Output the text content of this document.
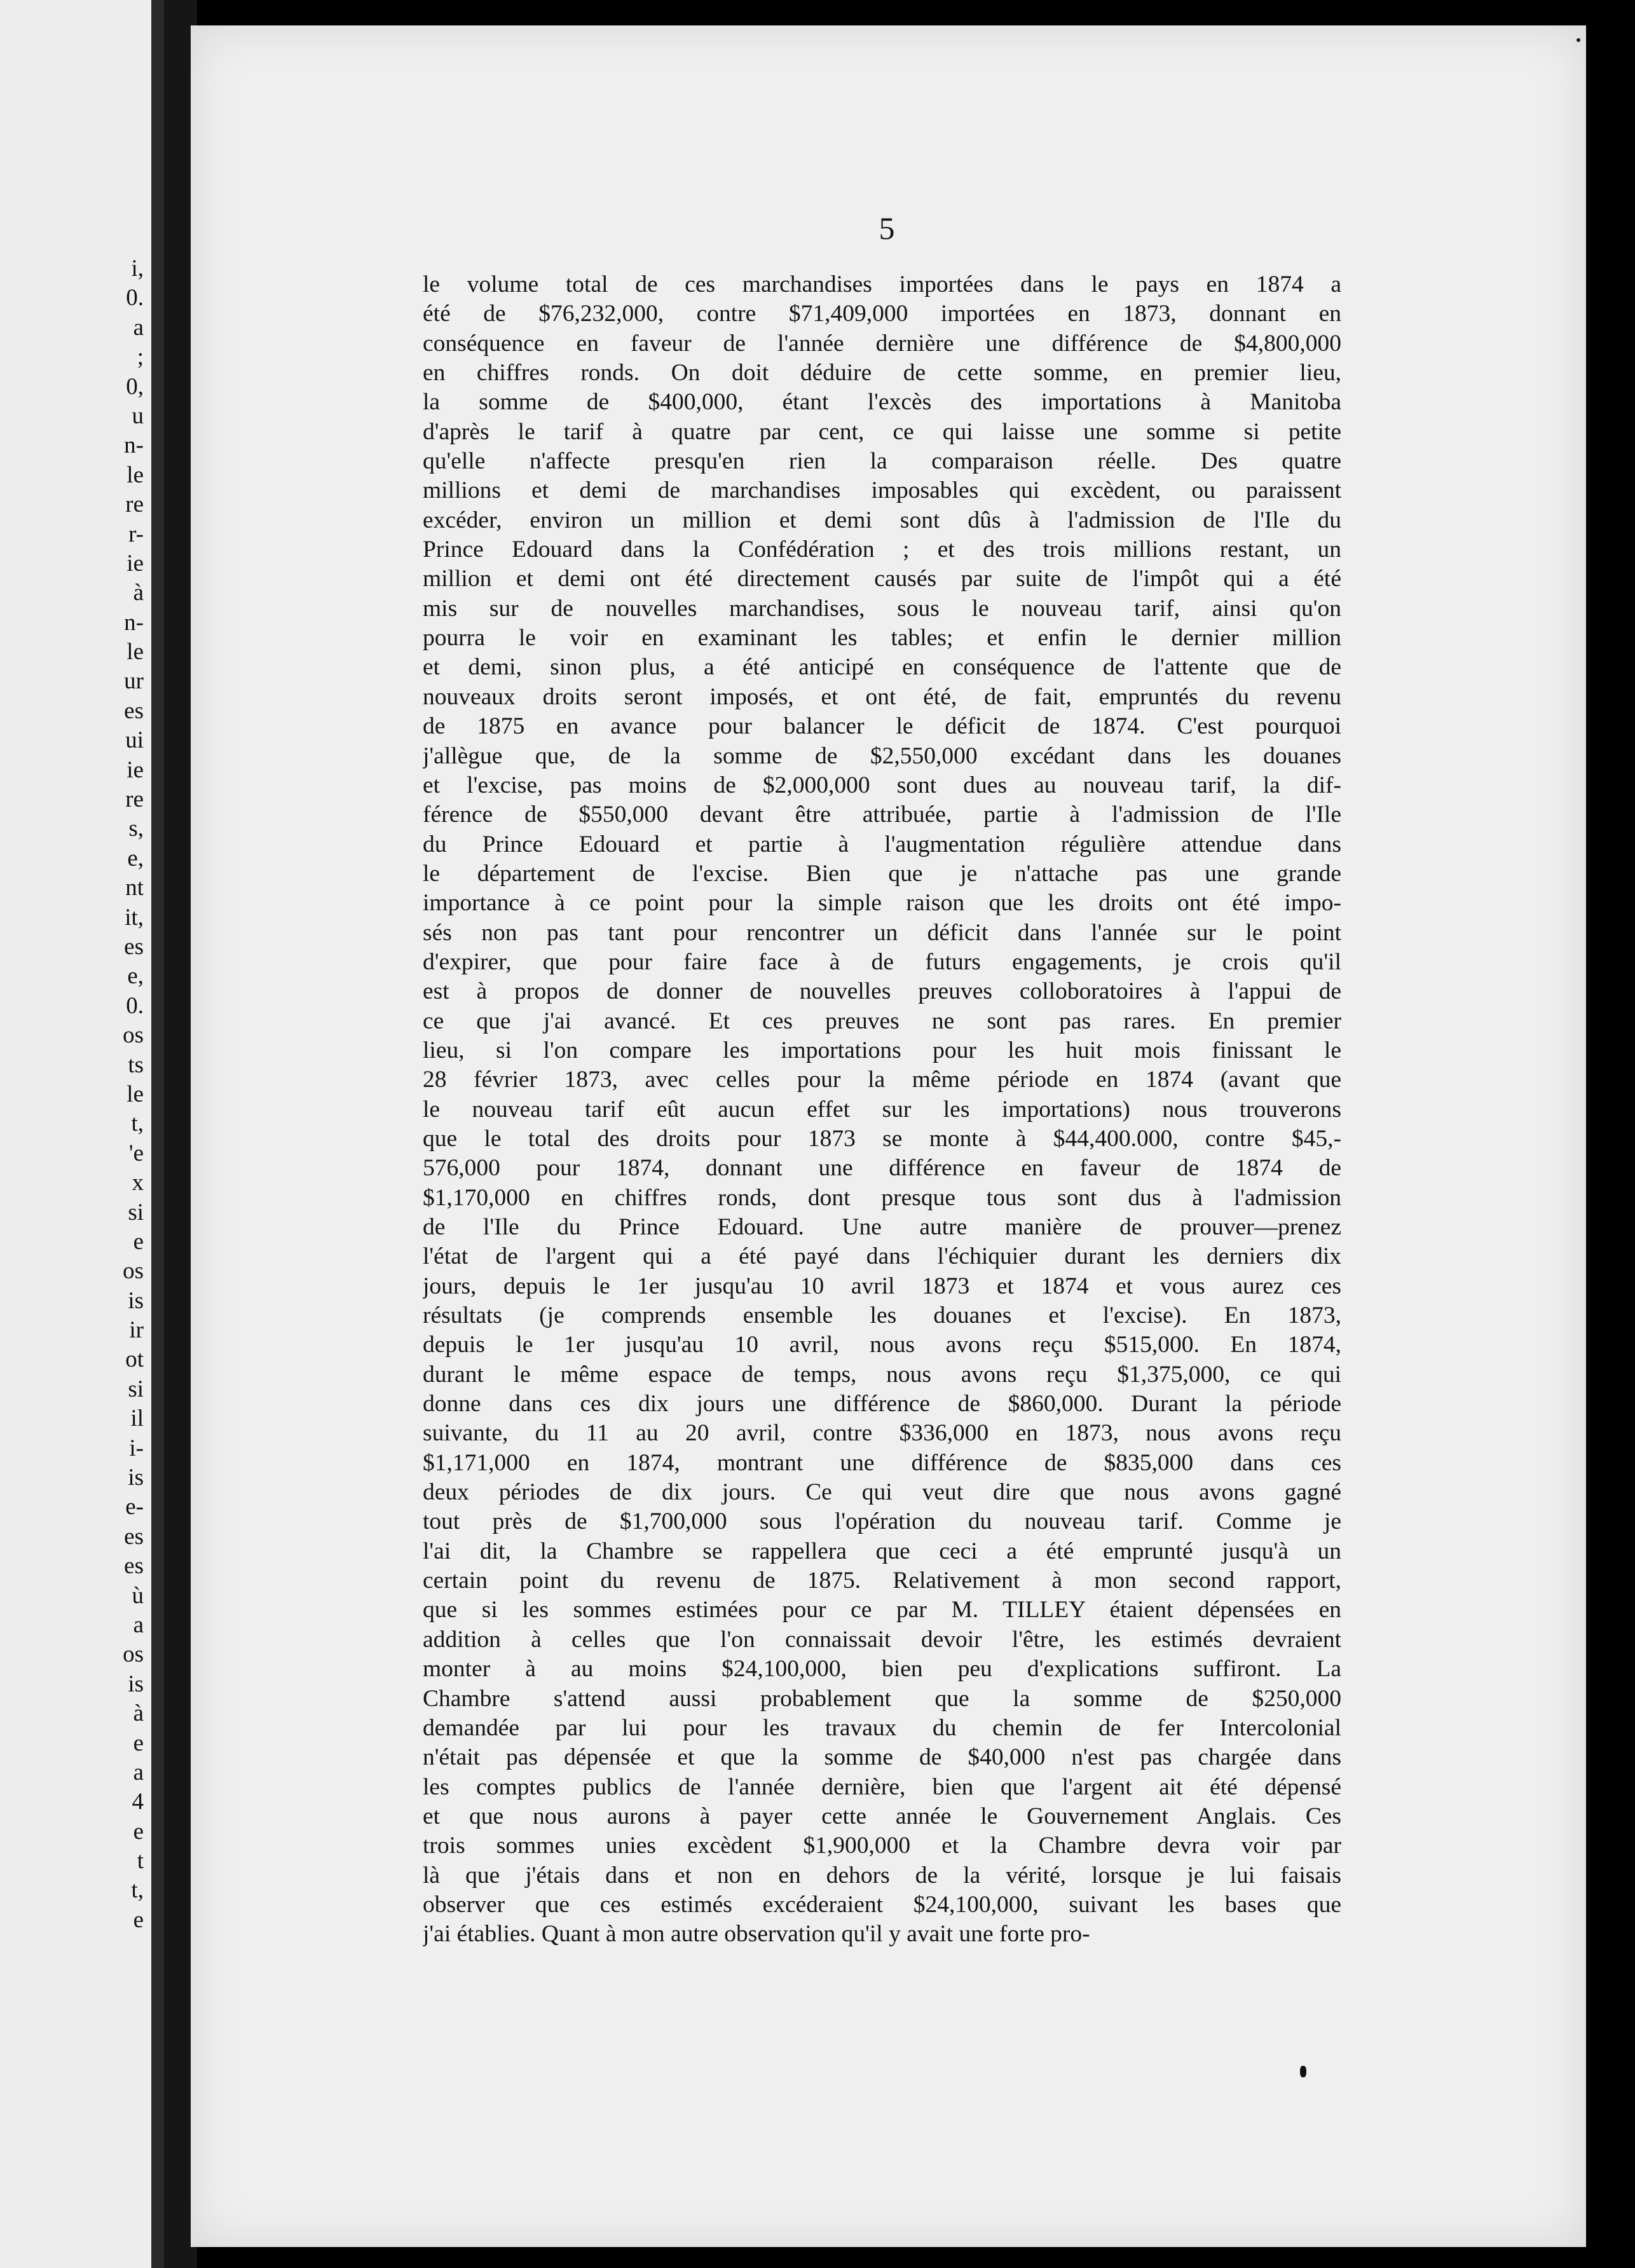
i,
0.
a
;
0,
u
n-
le
re
r-
ie
à
n-
le
ur
es
ui
ie
re
s,
e,
nt
it,
es
e,
0.
os
ts
le
t,
'e
x
si
e
os
is
ir
ot
si
il
i-
is
e-
es
es
ù
a
os
is
à
e
a
4
e
t
t,
e
5
le volume total de ces marchandises importées dans le pays en 1874 a
été de $76,232,000, contre $71,409,000 importées en 1873, donnant en
conséquence en faveur de l'année dernière une différence de $4,800,000
en chiffres ronds. On doit déduire de cette somme, en premier lieu,
la somme de $400,000, étant l'excès des importations à Manitoba
d'après le tarif à quatre par cent, ce qui laisse une somme si petite
qu'elle n'affecte presqu'en rien la comparaison réelle. Des quatre
millions et demi de marchandises imposables qui excèdent, ou paraissent
excéder, environ un million et demi sont dûs à l'admission de l'Ile du
Prince Edouard dans la Confédération ; et des trois millions restant, un
million et demi ont été directement causés par suite de l'impôt qui a été
mis sur de nouvelles marchandises, sous le nouveau tarif, ainsi qu'on
pourra le voir en examinant les tables; et enfin le dernier million
et demi, sinon plus, a été anticipé en conséquence de l'attente que de
nouveaux droits seront imposés, et ont été, de fait, empruntés du revenu
de 1875 en avance pour balancer le déficit de 1874. C'est pourquoi
j'allègue que, de la somme de $2,550,000 excédant dans les douanes
et l'excise, pas moins de $2,000,000 sont dues au nouveau tarif, la dif-
férence de $550,000 devant être attribuée, partie à l'admission de l'Ile
du Prince Edouard et partie à l'augmentation régulière attendue dans
le département de l'excise. Bien que je n'attache pas une grande
importance à ce point pour la simple raison que les droits ont été impo-
sés non pas tant pour rencontrer un déficit dans l'année sur le point
d'expirer, que pour faire face à de futurs engagements, je crois qu'il
est à propos de donner de nouvelles preuves colloboratoires à l'appui de
ce que j'ai avancé. Et ces preuves ne sont pas rares. En premier
lieu, si l'on compare les importations pour les huit mois finissant le
28 février 1873, avec celles pour la même période en 1874 (avant que
le nouveau tarif eût aucun effet sur les importations) nous trouverons
que le total des droits pour 1873 se monte à $44,400.000, contre $45,-
576,000 pour 1874, donnant une différence en faveur de 1874 de
$1,170,000 en chiffres ronds, dont presque tous sont dus à l'admission
de l'Ile du Prince Edouard. Une autre manière de prouver—prenez
l'état de l'argent qui a été payé dans l'échiquier durant les derniers dix
jours, depuis le 1er jusqu'au 10 avril 1873 et 1874 et vous aurez ces
résultats (je comprends ensemble les douanes et l'excise). En 1873,
depuis le 1er jusqu'au 10 avril, nous avons reçu $515,000. En 1874,
durant le même espace de temps, nous avons reçu $1,375,000, ce qui
donne dans ces dix jours une différence de $860,000. Durant la période
suivante, du 11 au 20 avril, contre $336,000 en 1873, nous avons reçu
$1,171,000 en 1874, montrant une différence de $835,000 dans ces
deux périodes de dix jours. Ce qui veut dire que nous avons gagné
tout près de $1,700,000 sous l'opération du nouveau tarif. Comme je
l'ai dit, la Chambre se rappellera que ceci a été emprunté jusqu'à un
certain point du revenu de 1875. Relativement à mon second rapport,
que si les sommes estimées pour ce par M. TILLEY étaient dépensées en
addition à celles que l'on connaissait devoir l'être, les estimés devraient
monter à au moins $24,100,000, bien peu d'explications suffiront. La
Chambre s'attend aussi probablement que la somme de $250,000
demandée par lui pour les travaux du chemin de fer Intercolonial
n'était pas dépensée et que la somme de $40,000 n'est pas chargée dans
les comptes publics de l'année dernière, bien que l'argent ait été dépensé
et que nous aurons à payer cette année le Gouvernement Anglais. Ces
trois sommes unies excèdent $1,900,000 et la Chambre devra voir par
là que j'étais dans et non en dehors de la vérité, lorsque je lui faisais
observer que ces estimés excéderaient $24,100,000, suivant les bases que
j'ai établies. Quant à mon autre observation qu'il y avait une forte pro-
